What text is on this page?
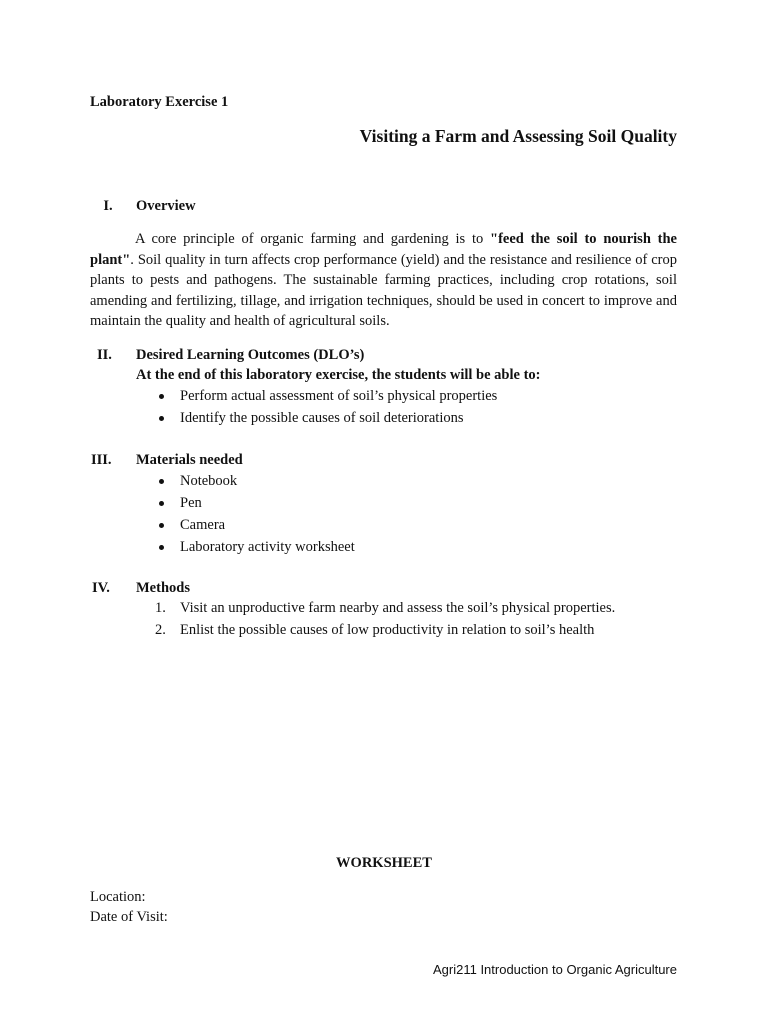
Laboratory Exercise 1
Visiting a Farm and Assessing Soil Quality
I.	Overview
A core principle of organic farming and gardening is to "feed the soil to nourish the plant". Soil quality in turn affects crop performance (yield) and the resistance and resilience of crop plants to pests and pathogens. The sustainable farming practices, including crop rotations, soil amending and fertilizing, tillage, and irrigation techniques, should be used in concert to improve and maintain the quality and health of agricultural soils.
II.	Desired Learning Outcomes (DLO’s)
At the end of this laboratory exercise, the students will be able to:
Perform actual assessment of soil’s physical properties
Identify the possible causes of soil deteriorations
III.	Materials needed
Notebook
Pen
Camera
Laboratory activity worksheet
IV.	Methods
1. Visit an unproductive farm nearby and assess the soil’s physical properties.
2. Enlist the possible causes of low productivity in relation to soil’s health
WORKSHEET
Location:
Date of Visit:
Agri211 Introduction to Organic Agriculture
